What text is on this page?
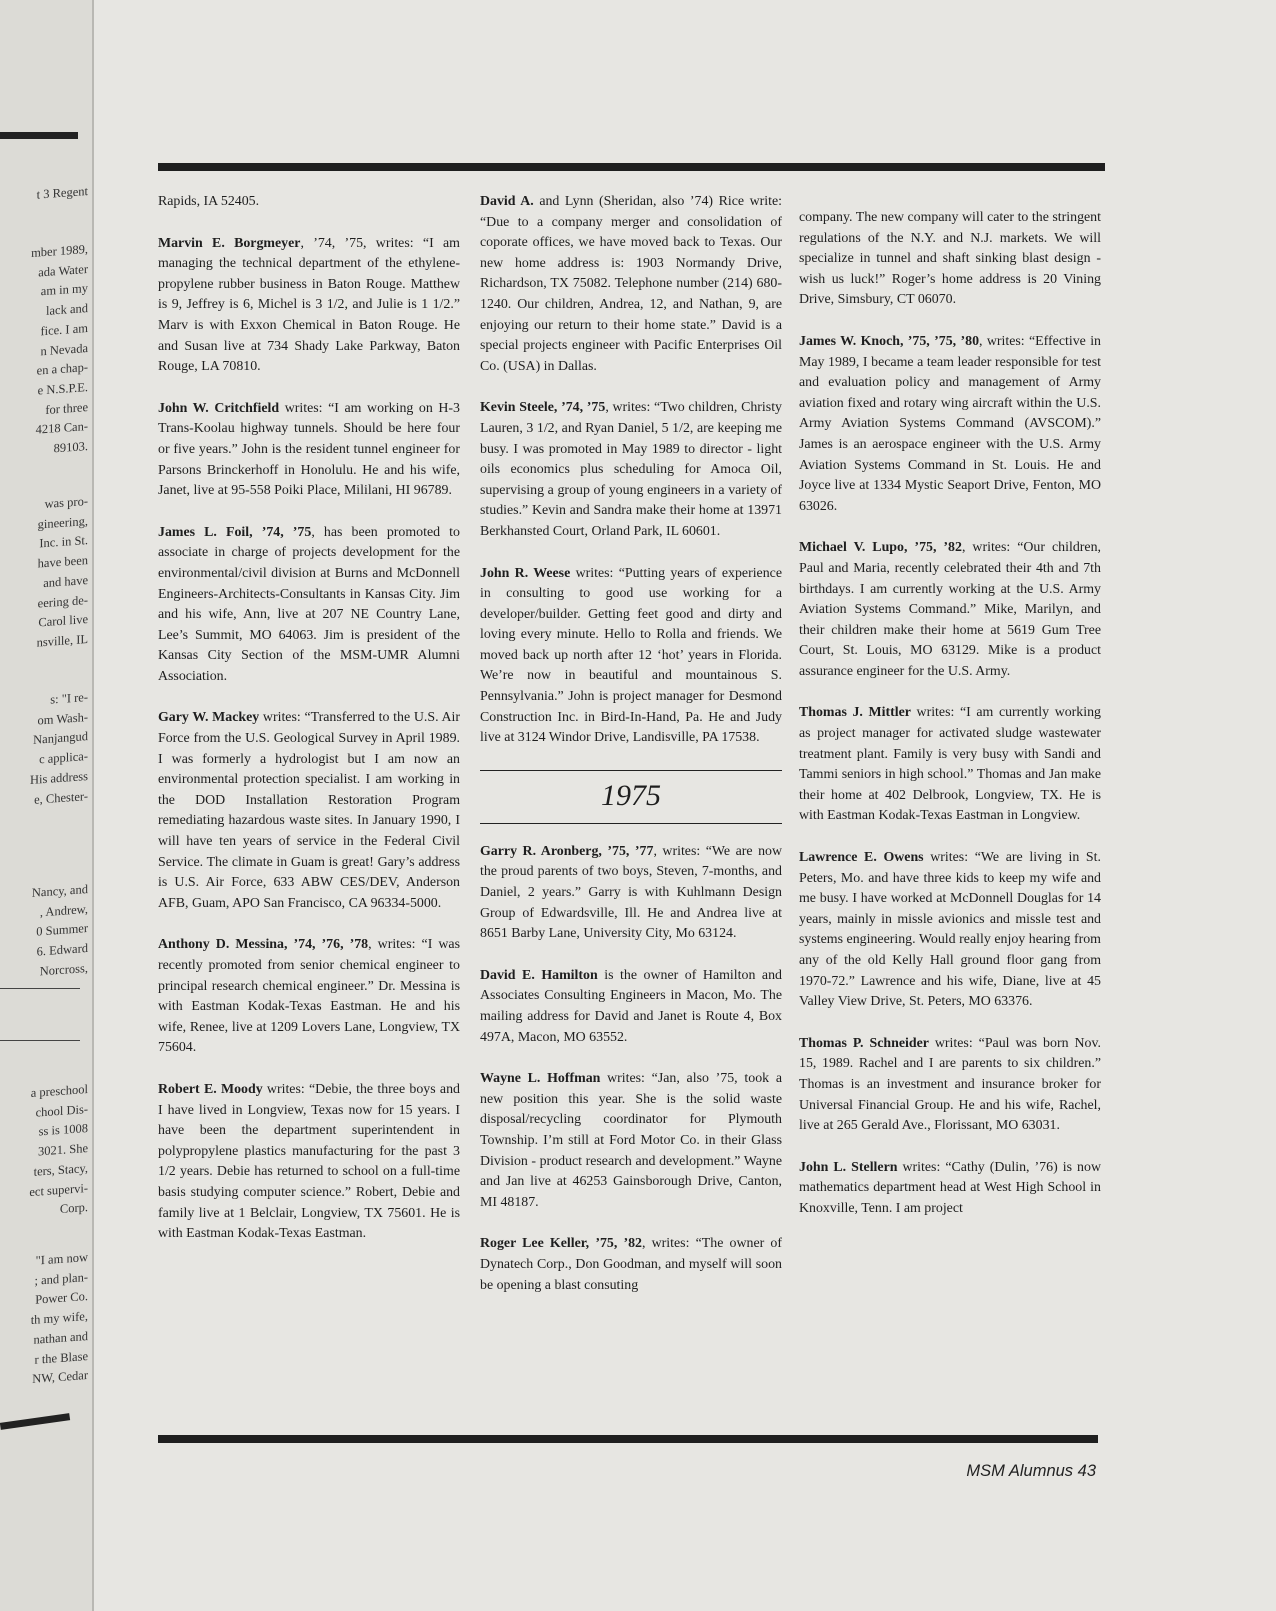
t 3 Regent
mber 1989,
ada Water
am in my
lack and
fice. I am
n Nevada
en a chap-
e N.S.P.E.
for three
4218 Can-
89103.
was pro-
gineering,
Inc. in St.
have been
and have
eering de-
Carol live
nsville, IL
s: "I re-
om Wash-
Nanjangud
c applica-
His address
e, Chester-
Nancy, and
, Andrew,
0 Summer
6. Edward
Norcross,
a preschool
chool Dis-
ss is 1008
3021. She
ters, Stacy,
ect supervi-
Corp.
"I am now
; and plan-
Power Co.
th my wife,
nathan and
r the Blase
NW, Cedar

Rapids, IA 52405.

Marvin E. Borgmeyer, ’74, ’75, writes: “I am managing the technical department of the ethylene-propylene rubber business in Baton Rouge. Matthew is 9, Jeffrey is 6, Michel is 3 1/2, and Julie is 1 1/2.” Marv is with Exxon Chemical in Baton Rouge. He and Susan live at 734 Shady Lake Parkway, Baton Rouge, LA 70810.

John W. Critchfield writes: “I am working on H-3 Trans-Koolau highway tunnels. Should be here four or five years.” John is the resident tunnel engineer for Parsons Brinckerhoff in Honolulu. He and his wife, Janet, live at 95-558 Poiki Place, Mililani, HI 96789.

James L. Foil, ’74, ’75, has been promoted to associate in charge of projects development for the environmental/civil division at Burns and McDonnell Engineers-Architects-Consultants in Kansas City. Jim and his wife, Ann, live at 207 NE Country Lane, Lee’s Summit, MO 64063. Jim is president of the Kansas City Section of the MSM-UMR Alumni Association.

Gary W. Mackey writes: “Transferred to the U.S. Air Force from the U.S. Geological Survey in April 1989. I was formerly a hydrologist but I am now an environmental protection specialist. I am working in the DOD Installation Restoration Program remediating hazardous waste sites. In January 1990, I will have ten years of service in the Federal Civil Service. The climate in Guam is great! Gary’s address is U.S. Air Force, 633 ABW CES/DEV, Anderson AFB, Guam, APO San Francisco, CA 96334-5000.

Anthony D. Messina, ’74, ’76, ’78, writes: “I was recently promoted from senior chemical engineer to principal research chemical engineer.” Dr. Messina is with Eastman Kodak-Texas Eastman. He and his wife, Renee, live at 1209 Lovers Lane, Longview, TX 75604.

Robert E. Moody writes: “Debie, the three boys and I have lived in Longview, Texas now for 15 years. I have been the department superintendent in polypropylene plastics manufacturing for the past 3 1/2 years. Debie has returned to school on a full-time basis studying computer science.” Robert, Debie and family live at 1 Belclair, Longview, TX 75601. He is with Eastman Kodak-Texas Eastman.

David A. and Lynn (Sheridan, also ’74) Rice write: “Due to a company merger and consolidation of coporate offices, we have moved back to Texas. Our new home address is: 1903 Normandy Drive, Richardson, TX 75082. Telephone number (214) 680-1240. Our children, Andrea, 12, and Nathan, 9, are enjoying our return to their home state.” David is a special projects engineer with Pacific Enterprises Oil Co. (USA) in Dallas.

Kevin Steele, ’74, ’75, writes: “Two children, Christy Lauren, 3 1/2, and Ryan Daniel, 5 1/2, are keeping me busy. I was promoted in May 1989 to director - light oils economics plus scheduling for Amoca Oil, supervising a group of young engineers in a variety of studies.” Kevin and Sandra make their home at 13971 Berkhansted Court, Orland Park, IL 60601.

John R. Weese writes: “Putting years of experience in consulting to good use working for a developer/builder. Getting feet good and dirty and loving every minute. Hello to Rolla and friends. We moved back up north after 12 ‘hot’ years in Florida. We’re now in beautiful and mountainous S. Pennsylvania.” John is project manager for Desmond Construction Inc. in Bird-In-Hand, Pa. He and Judy live at 3124 Windor Drive, Landisville, PA 17538.

1975

Garry R. Aronberg, ’75, ’77, writes: “We are now the proud parents of two boys, Steven, 7-months, and Daniel, 2 years.” Garry is with Kuhlmann Design Group of Edwardsville, Ill. He and Andrea live at 8651 Barby Lane, University City, Mo 63124.

David E. Hamilton is the owner of Hamilton and Associates Consulting Engineers in Macon, Mo. The mailing address for David and Janet is Route 4, Box 497A, Macon, MO 63552.

Wayne L. Hoffman writes: “Jan, also ’75, took a new position this year. She is the solid waste disposal/recycling coordinator for Plymouth Township. I’m still at Ford Motor Co. in their Glass Division - product research and development.” Wayne and Jan live at 46253 Gainsborough Drive, Canton, MI 48187.

Roger Lee Keller, ’75, ’82, writes: “The owner of Dynatech Corp., Don Goodman, and myself will soon be opening a blast consuting

company. The new company will cater to the stringent regulations of the N.Y. and N.J. markets. We will specialize in tunnel and shaft sinking blast design - wish us luck!” Roger’s home address is 20 Vining Drive, Simsbury, CT 06070.

James W. Knoch, ’75, ’75, ’80, writes: “Effective in May 1989, I became a team leader responsible for test and evaluation policy and management of Army aviation fixed and rotary wing aircraft within the U.S. Army Aviation Systems Command (AVSCOM).” James is an aerospace engineer with the U.S. Army Aviation Systems Command in St. Louis. He and Joyce live at 1334 Mystic Seaport Drive, Fenton, MO 63026.

Michael V. Lupo, ’75, ’82, writes: “Our children, Paul and Maria, recently celebrated their 4th and 7th birthdays. I am currently working at the U.S. Army Aviation Systems Command.” Mike, Marilyn, and their children make their home at 5619 Gum Tree Court, St. Louis, MO 63129. Mike is a product assurance engineer for the U.S. Army.

Thomas J. Mittler writes: “I am currently working as project manager for activated sludge wastewater treatment plant. Family is very busy with Sandi and Tammi seniors in high school.” Thomas and Jan make their home at 402 Delbrook, Longview, TX. He is with Eastman Kodak-Texas Eastman in Longview.

Lawrence E. Owens writes: “We are living in St. Peters, Mo. and have three kids to keep my wife and me busy. I have worked at McDonnell Douglas for 14 years, mainly in missle avionics and missle test and systems engineering. Would really enjoy hearing from any of the old Kelly Hall ground floor gang from 1970-72.” Lawrence and his wife, Diane, live at 45 Valley View Drive, St. Peters, MO 63376.

Thomas P. Schneider writes: “Paul was born Nov. 15, 1989. Rachel and I are parents to six children.” Thomas is an investment and insurance broker for Universal Financial Group. He and his wife, Rachel, live at 265 Gerald Ave., Florissant, MO 63031.

John L. Stellern writes: “Cathy (Dulin, ’76) is now mathematics department head at West High School in Knoxville, Tenn. I am project

MSM Alumnus 43
